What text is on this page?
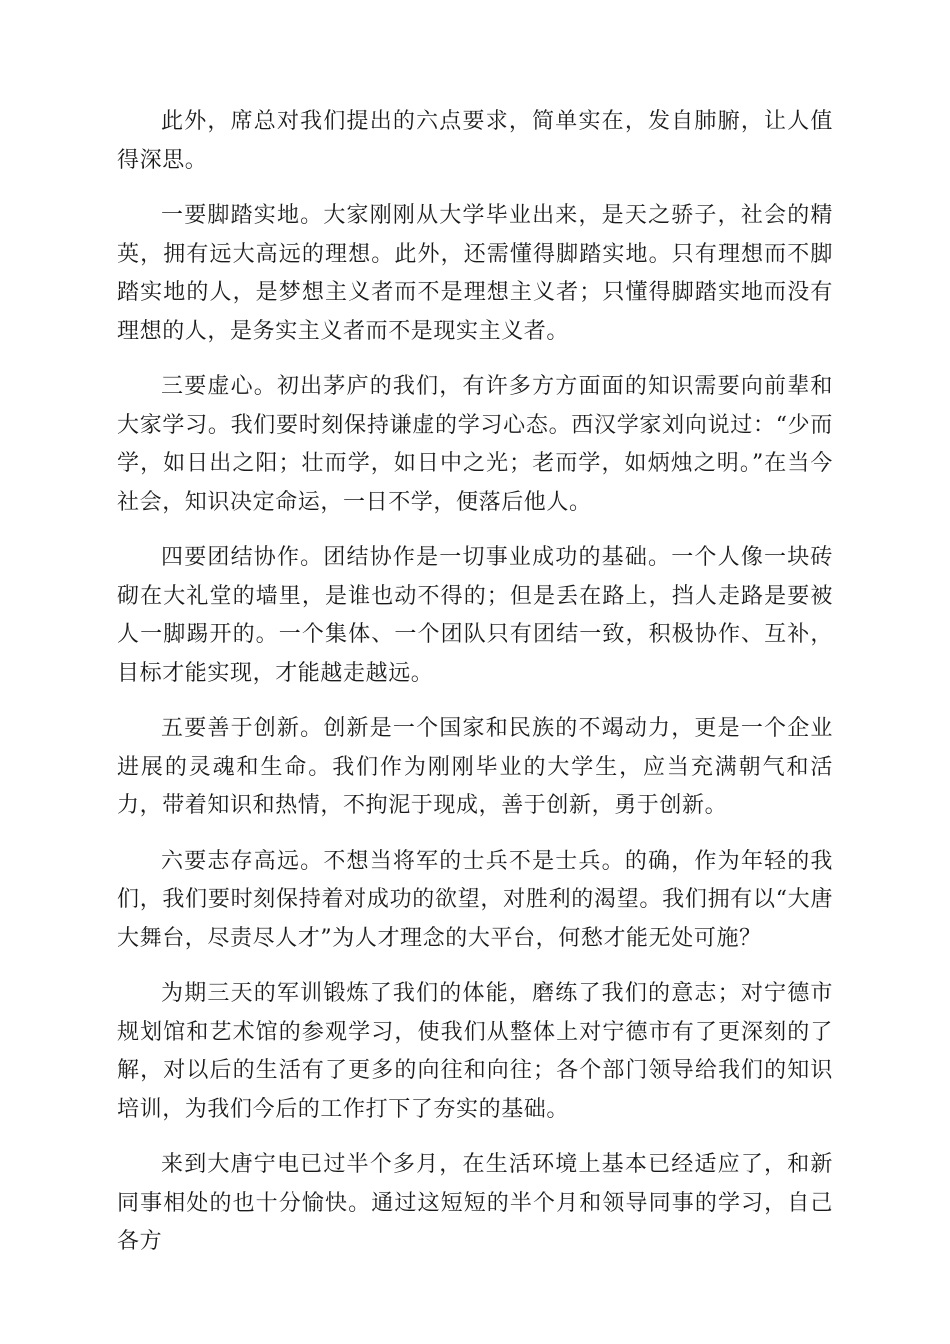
此外，席总对我们提出的六点要求，简单实在，发自肺腑，让人值得深思。

一要脚踏实地。大家刚刚从大学毕业出来，是天之骄子，社会的精英，拥有远大高远的理想。此外，还需懂得脚踏实地。只有理想而不脚踏实地的人，是梦想主义者而不是理想主义者；只懂得脚踏实地而没有理想的人，是务实主义者而不是现实主义者。

三要虚心。初出茅庐的我们，有许多方方面面的知识需要向前辈和大家学习。我们要时刻保持谦虚的学习心态。西汉学家刘向说过：“少而学，如日出之阳；壮而学，如日中之光；老而学，如炳烛之明。”在当今社会，知识决定命运，一日不学，便落后他人。

四要团结协作。团结协作是一切事业成功的基础。一个人像一块砖砌在大礼堂的墙里，是谁也动不得的；但是丢在路上，挡人走路是要被人一脚踢开的。一个集体、一个团队只有团结一致，积极协作、互补，目标才能实现，才能越走越远。

五要善于创新。创新是一个国家和民族的不竭动力，更是一个企业进展的灵魂和生命。我们作为刚刚毕业的大学生，应当充满朝气和活力，带着知识和热情，不拘泥于现成，善于创新，勇于创新。

六要志存高远。不想当将军的士兵不是士兵。的确，作为年轻的我们，我们要时刻保持着对成功的欲望，对胜利的渴望。我们拥有以“大唐大舞台，尽责尽人才”为人才理念的大平台，何愁才能无处可施？

为期三天的军训锻炼了我们的体能，磨练了我们的意志；对宁德市规划馆和艺术馆的参观学习，使我们从整体上对宁德市有了更深刻的了解，对以后的生活有了更多的向往和向往；各个部门领导给我们的知识培训，为我们今后的工作打下了夯实的基础。

来到大唐宁电已过半个多月，在生活环境上基本已经适应了，和新同事相处的也十分愉快。通过这短短的半个月和领导同事的学习，自己各方
